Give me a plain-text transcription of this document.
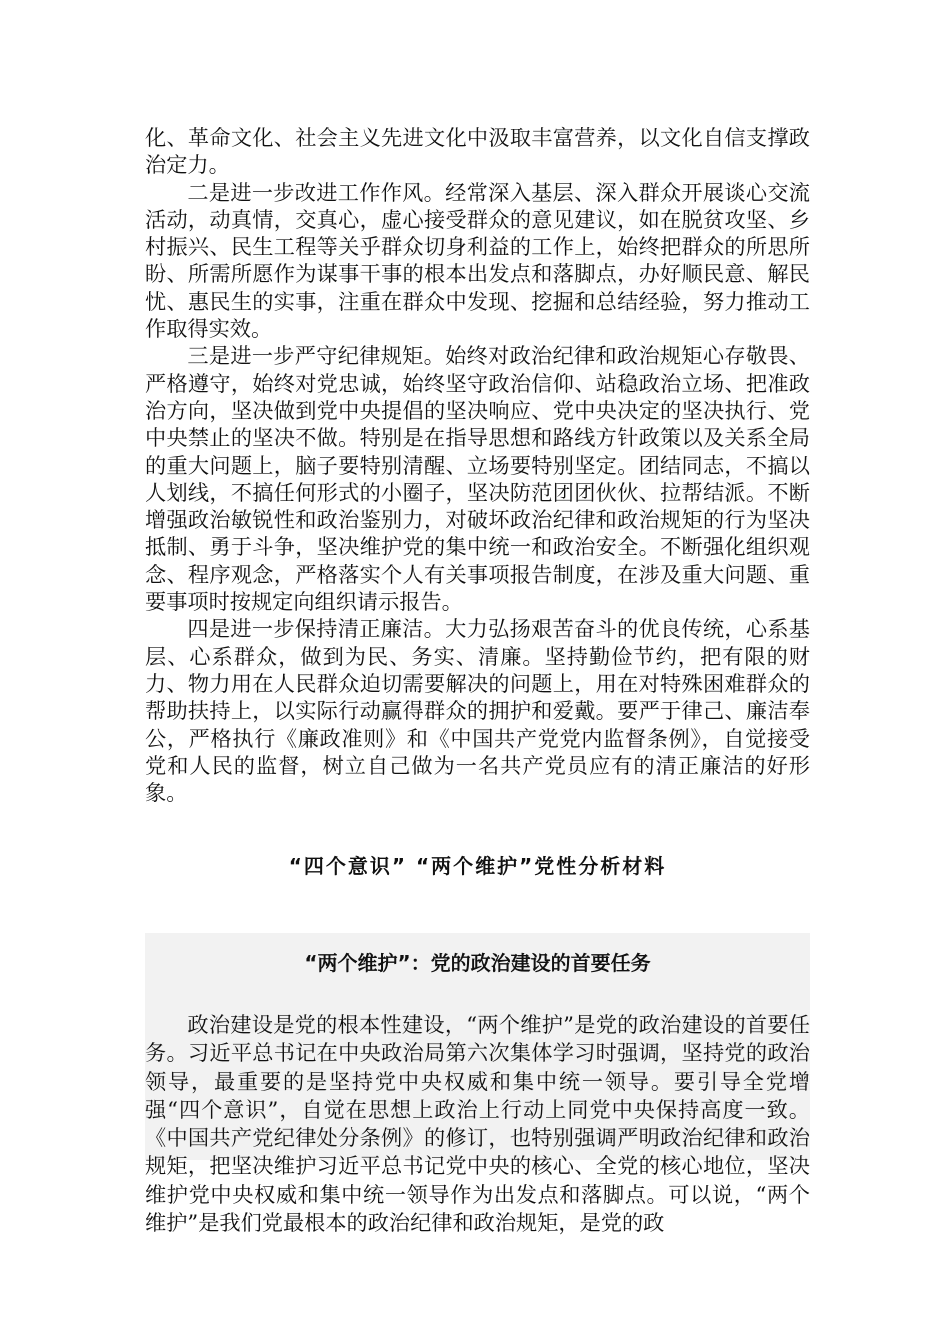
化、革命文化、社会主义先进文化中汲取丰富营养，以文化自信支撑政治定力。

二是进一步改进工作作风。经常深入基层、深入群众开展谈心交流活动，动真情，交真心，虚心接受群众的意见建议，如在脱贫攻坚、乡村振兴、民生工程等关乎群众切身利益的工作上，始终把群众的所思所盼、所需所愿作为谋事干事的根本出发点和落脚点，办好顺民意、解民忧、惠民生的实事，注重在群众中发现、挖掘和总结经验，努力推动工作取得实效。

三是进一步严守纪律规矩。始终对政治纪律和政治规矩心存敬畏、严格遵守，始终对党忠诚，始终坚守政治信仰、站稳政治立场、把准政治方向，坚决做到党中央提倡的坚决响应、党中央决定的坚决执行、党中央禁止的坚决不做。特别是在指导思想和路线方针政策以及关系全局的重大问题上，脑子要特别清醒、立场要特别坚定。团结同志，不搞以人划线，不搞任何形式的小圈子，坚决防范团团伙伙、拉帮结派。不断增强政治敏锐性和政治鉴别力，对破坏政治纪律和政治规矩的行为坚决抵制、勇于斗争，坚决维护党的集中统一和政治安全。不断强化组织观念、程序观念，严格落实个人有关事项报告制度，在涉及重大问题、重要事项时按规定向组织请示报告。

四是进一步保持清正廉洁。大力弘扬艰苦奋斗的优良传统，心系基层、心系群众，做到为民、务实、清廉。坚持勤俭节约，把有限的财力、物力用在人民群众迫切需要解决的问题上，用在对特殊困难群众的帮助扶持上，以实际行动赢得群众的拥护和爱戴。要严于律己、廉洁奉公，严格执行《廉政准则》和《中国共产党党内监督条例》，自觉接受党和人民的监督，树立自己做为一名共产党员应有的清正廉洁的好形象。

“四个意识” “两个维护”党性分析材料
“两个维护”：党的政治建设的首要任务

政治建设是党的根本性建设，“两个维护”是党的政治建设的首要任务。习近平总书记在中央政治局第六次集体学习时强调，坚持党的政治领导，最重要的是坚持党中央权威和集中统一领导。要引导全党增强“四个意识”，自觉在思想上政治上行动上同党中央保持高度一致。《中国共产党纪律处分条例》的修订，也特别强调严明政治纪律和政治规矩，把坚决维护习近平总书记党中央的核心、全党的核心地位，坚决维护党中央权威和集中统一领导作为出发点和落脚点。可以说，“两个维护”是我们党最根本的政治纪律和政治规矩，是党的政
